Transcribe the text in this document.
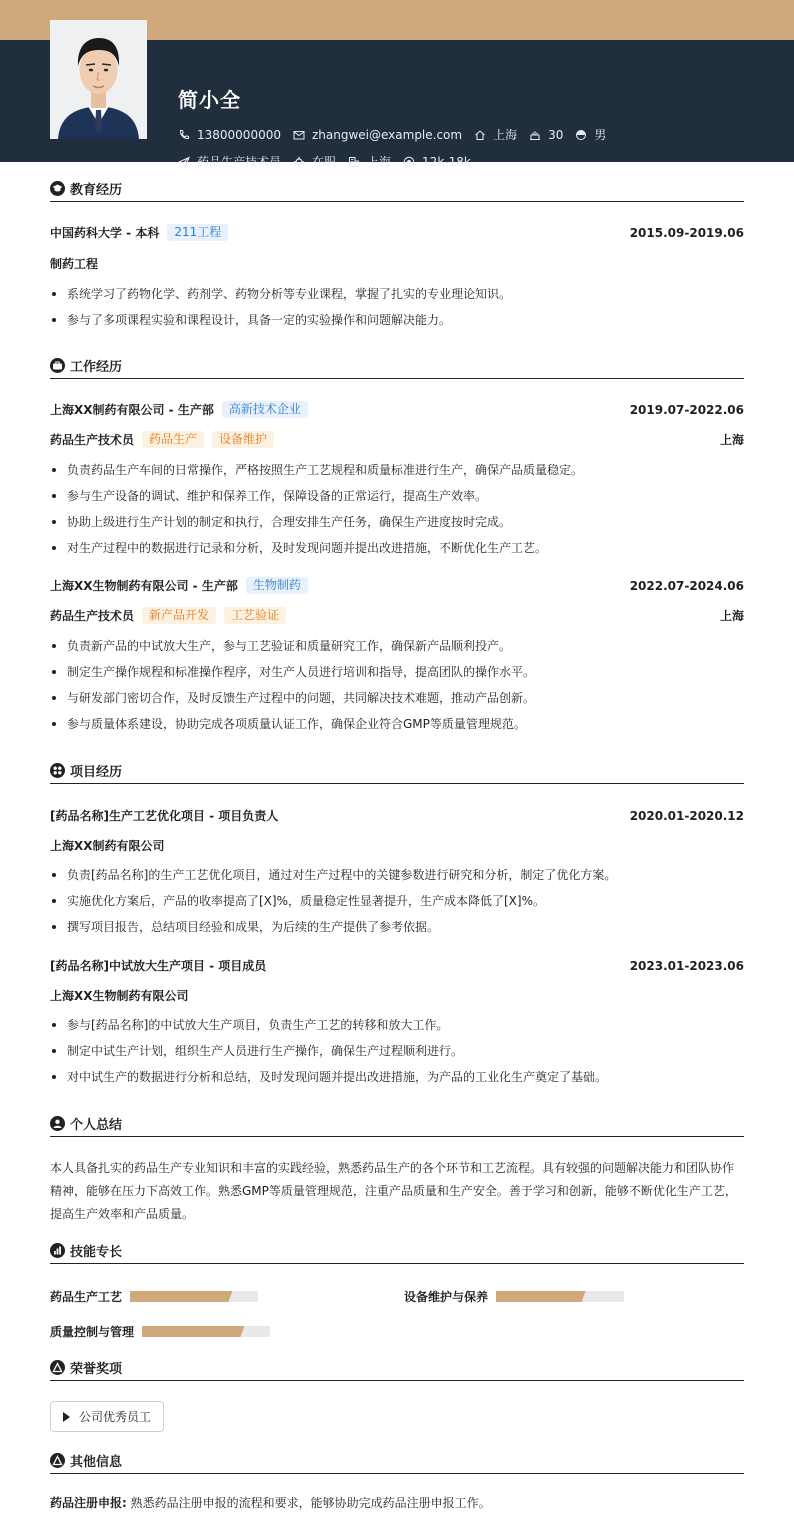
简小全
13800000000	zhangwei@example.com	上海	30	男
药品生产技术员	在职	上海	12k-18k
教育经历
中国药科大学 - 本科	211工程	2015.09-2019.06
制药工程
系统学习了药物化学、药剂学、药物分析等专业课程，掌握了扎实的专业理论知识。
参与了多项课程实验和课程设计，具备一定的实验操作和问题解决能力。
工作经历
上海XX制药有限公司 - 生产部	高新技术企业	2019.07-2022.06
药品生产技术员	药品生产	设备维护	上海
负责药品生产车间的日常操作，严格按照生产工艺规程和质量标准进行生产，确保产品质量稳定。
参与生产设备的调试、维护和保养工作，保障设备的正常运行，提高生产效率。
协助上级进行生产计划的制定和执行，合理安排生产任务，确保生产进度按时完成。
对生产过程中的数据进行记录和分析，及时发现问题并提出改进措施，不断优化生产工艺。
上海XX生物制药有限公司 - 生产部	生物制药	2022.07-2024.06
药品生产技术员	新产品开发	工艺验证	上海
负责新产品的中试放大生产，参与工艺验证和质量研究工作，确保新产品顺利投产。
制定生产操作规程和标准操作程序，对生产人员进行培训和指导，提高团队的操作水平。
与研发部门密切合作，及时反馈生产过程中的问题，共同解决技术难题，推动产品创新。
参与质量体系建设，协助完成各项质量认证工作，确保企业符合GMP等质量管理规范。
项目经历
[药品名称]生产工艺优化项目 - 项目负责人	2020.01-2020.12
上海XX制药有限公司
负责[药品名称]的生产工艺优化项目，通过对生产过程中的关键参数进行研究和分析，制定了优化方案。
实施优化方案后，产品的收率提高了[X]%，质量稳定性显著提升，生产成本降低了[X]%。
撰写项目报告，总结项目经验和成果，为后续的生产提供了参考依据。
[药品名称]中试放大生产项目 - 项目成员	2023.01-2023.06
上海XX生物制药有限公司
参与[药品名称]的中试放大生产项目，负责生产工艺的转移和放大工作。
制定中试生产计划，组织生产人员进行生产操作，确保生产过程顺利进行。
对中试生产的数据进行分析和总结，及时发现问题并提出改进措施，为产品的工业化生产奠定了基础。
个人总结
本人具备扎实的药品生产专业知识和丰富的实践经验，熟悉药品生产的各个环节和工艺流程。具有较强的问题解决能力和团队协作精神，能够在压力下高效工作。熟悉GMP等质量管理规范，注重产品质量和生产安全。善于学习和创新，能够不断优化生产工艺，提高生产效率和产品质量。
技能专长
药品生产工艺	设备维护与保养
质量控制与管理
荣誉奖项
公司优秀员工
其他信息
药品注册申报: 熟悉药品注册申报的流程和要求，能够协助完成药品注册申报工作。
